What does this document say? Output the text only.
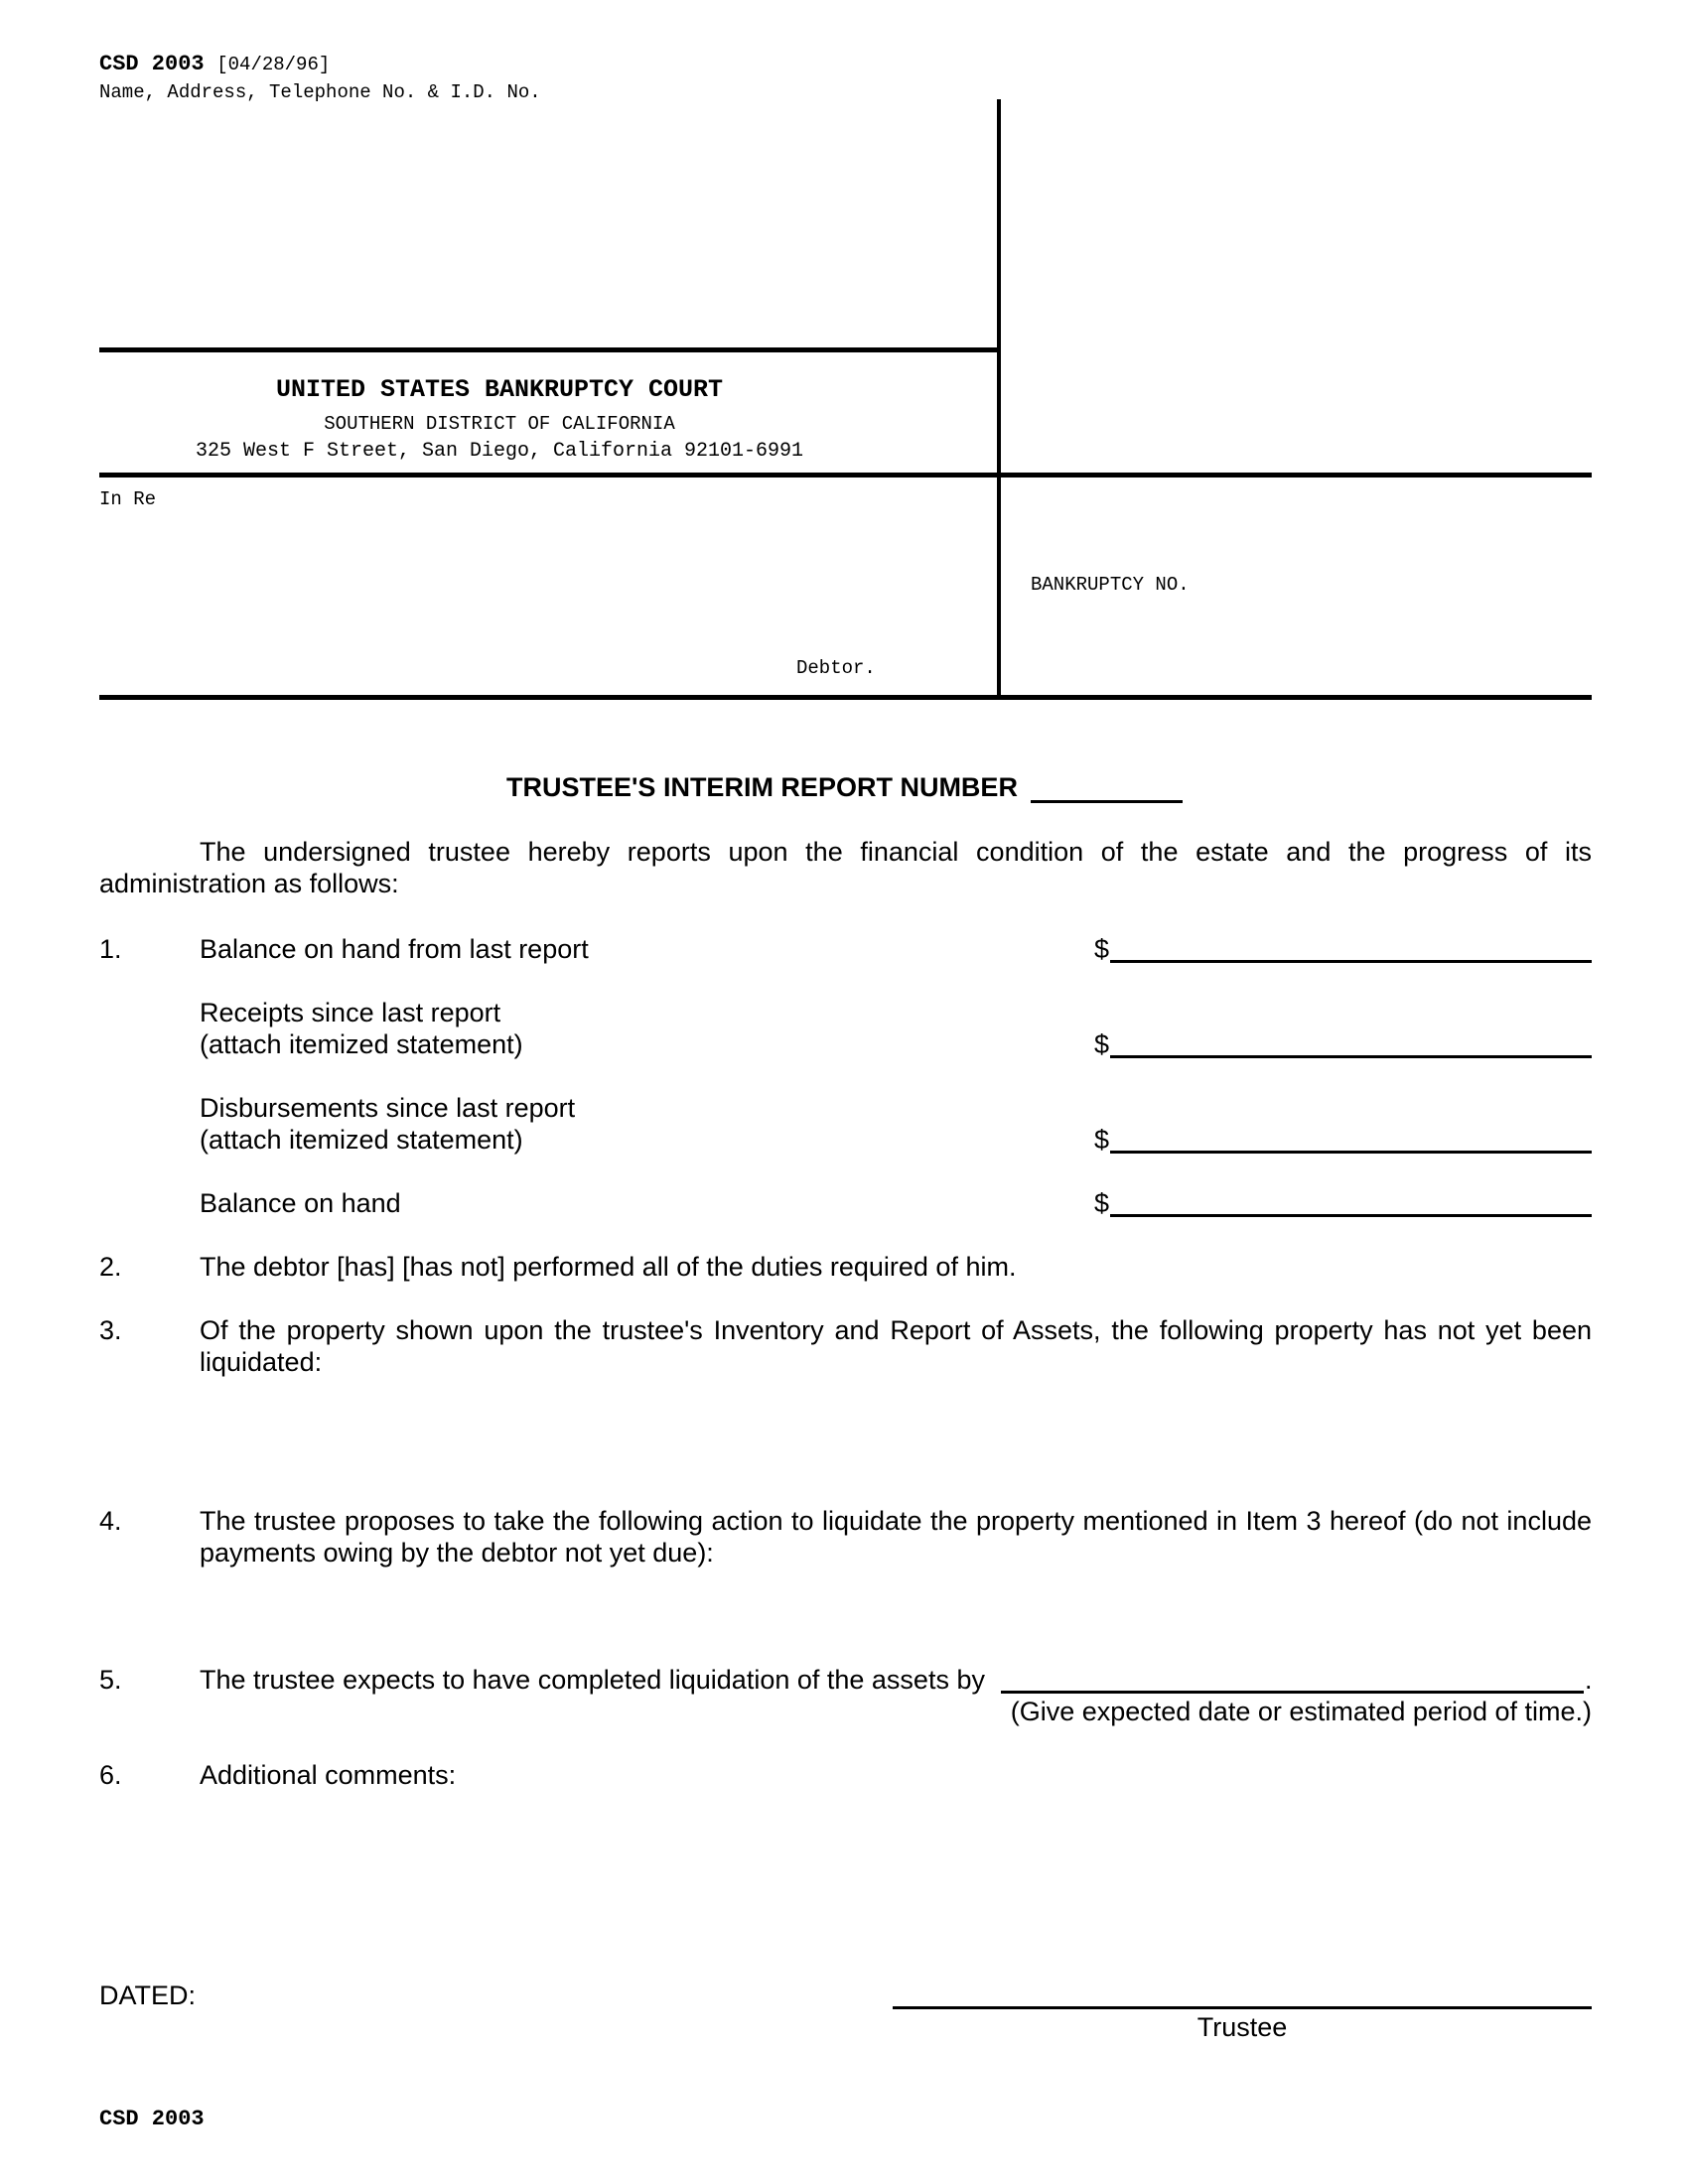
CSD 2003 [04/28/96]
Name, Address, Telephone No. & I.D. No.
UNITED STATES BANKRUPTCY COURT
SOUTHERN DISTRICT OF CALIFORNIA
325 West F Street, San Diego, California 92101-6991
In Re
Debtor.
BANKRUPTCY NO.
TRUSTEE'S INTERIM REPORT NUMBER
The undersigned trustee hereby reports upon the financial condition of the estate and the progress of its administration as follows:
1.	Balance on hand from last report	$
Receipts since last report
(attach itemized statement)	$
Disbursements since last report
(attach itemized statement)	$
Balance on hand	$
2.	The debtor [has] [has not] performed all of the duties required of him.
3.	Of the property shown upon the trustee's Inventory and Report of Assets, the following property has not yet been liquidated:
4.	The trustee proposes to take the following action to liquidate the property mentioned in Item 3 hereof (do not include payments owing by the debtor not yet due):
5.	The trustee expects to have completed liquidation of the assets by	.
(Give expected date or estimated period of time.)
6.	Additional comments:
DATED:
Trustee
CSD 2003
